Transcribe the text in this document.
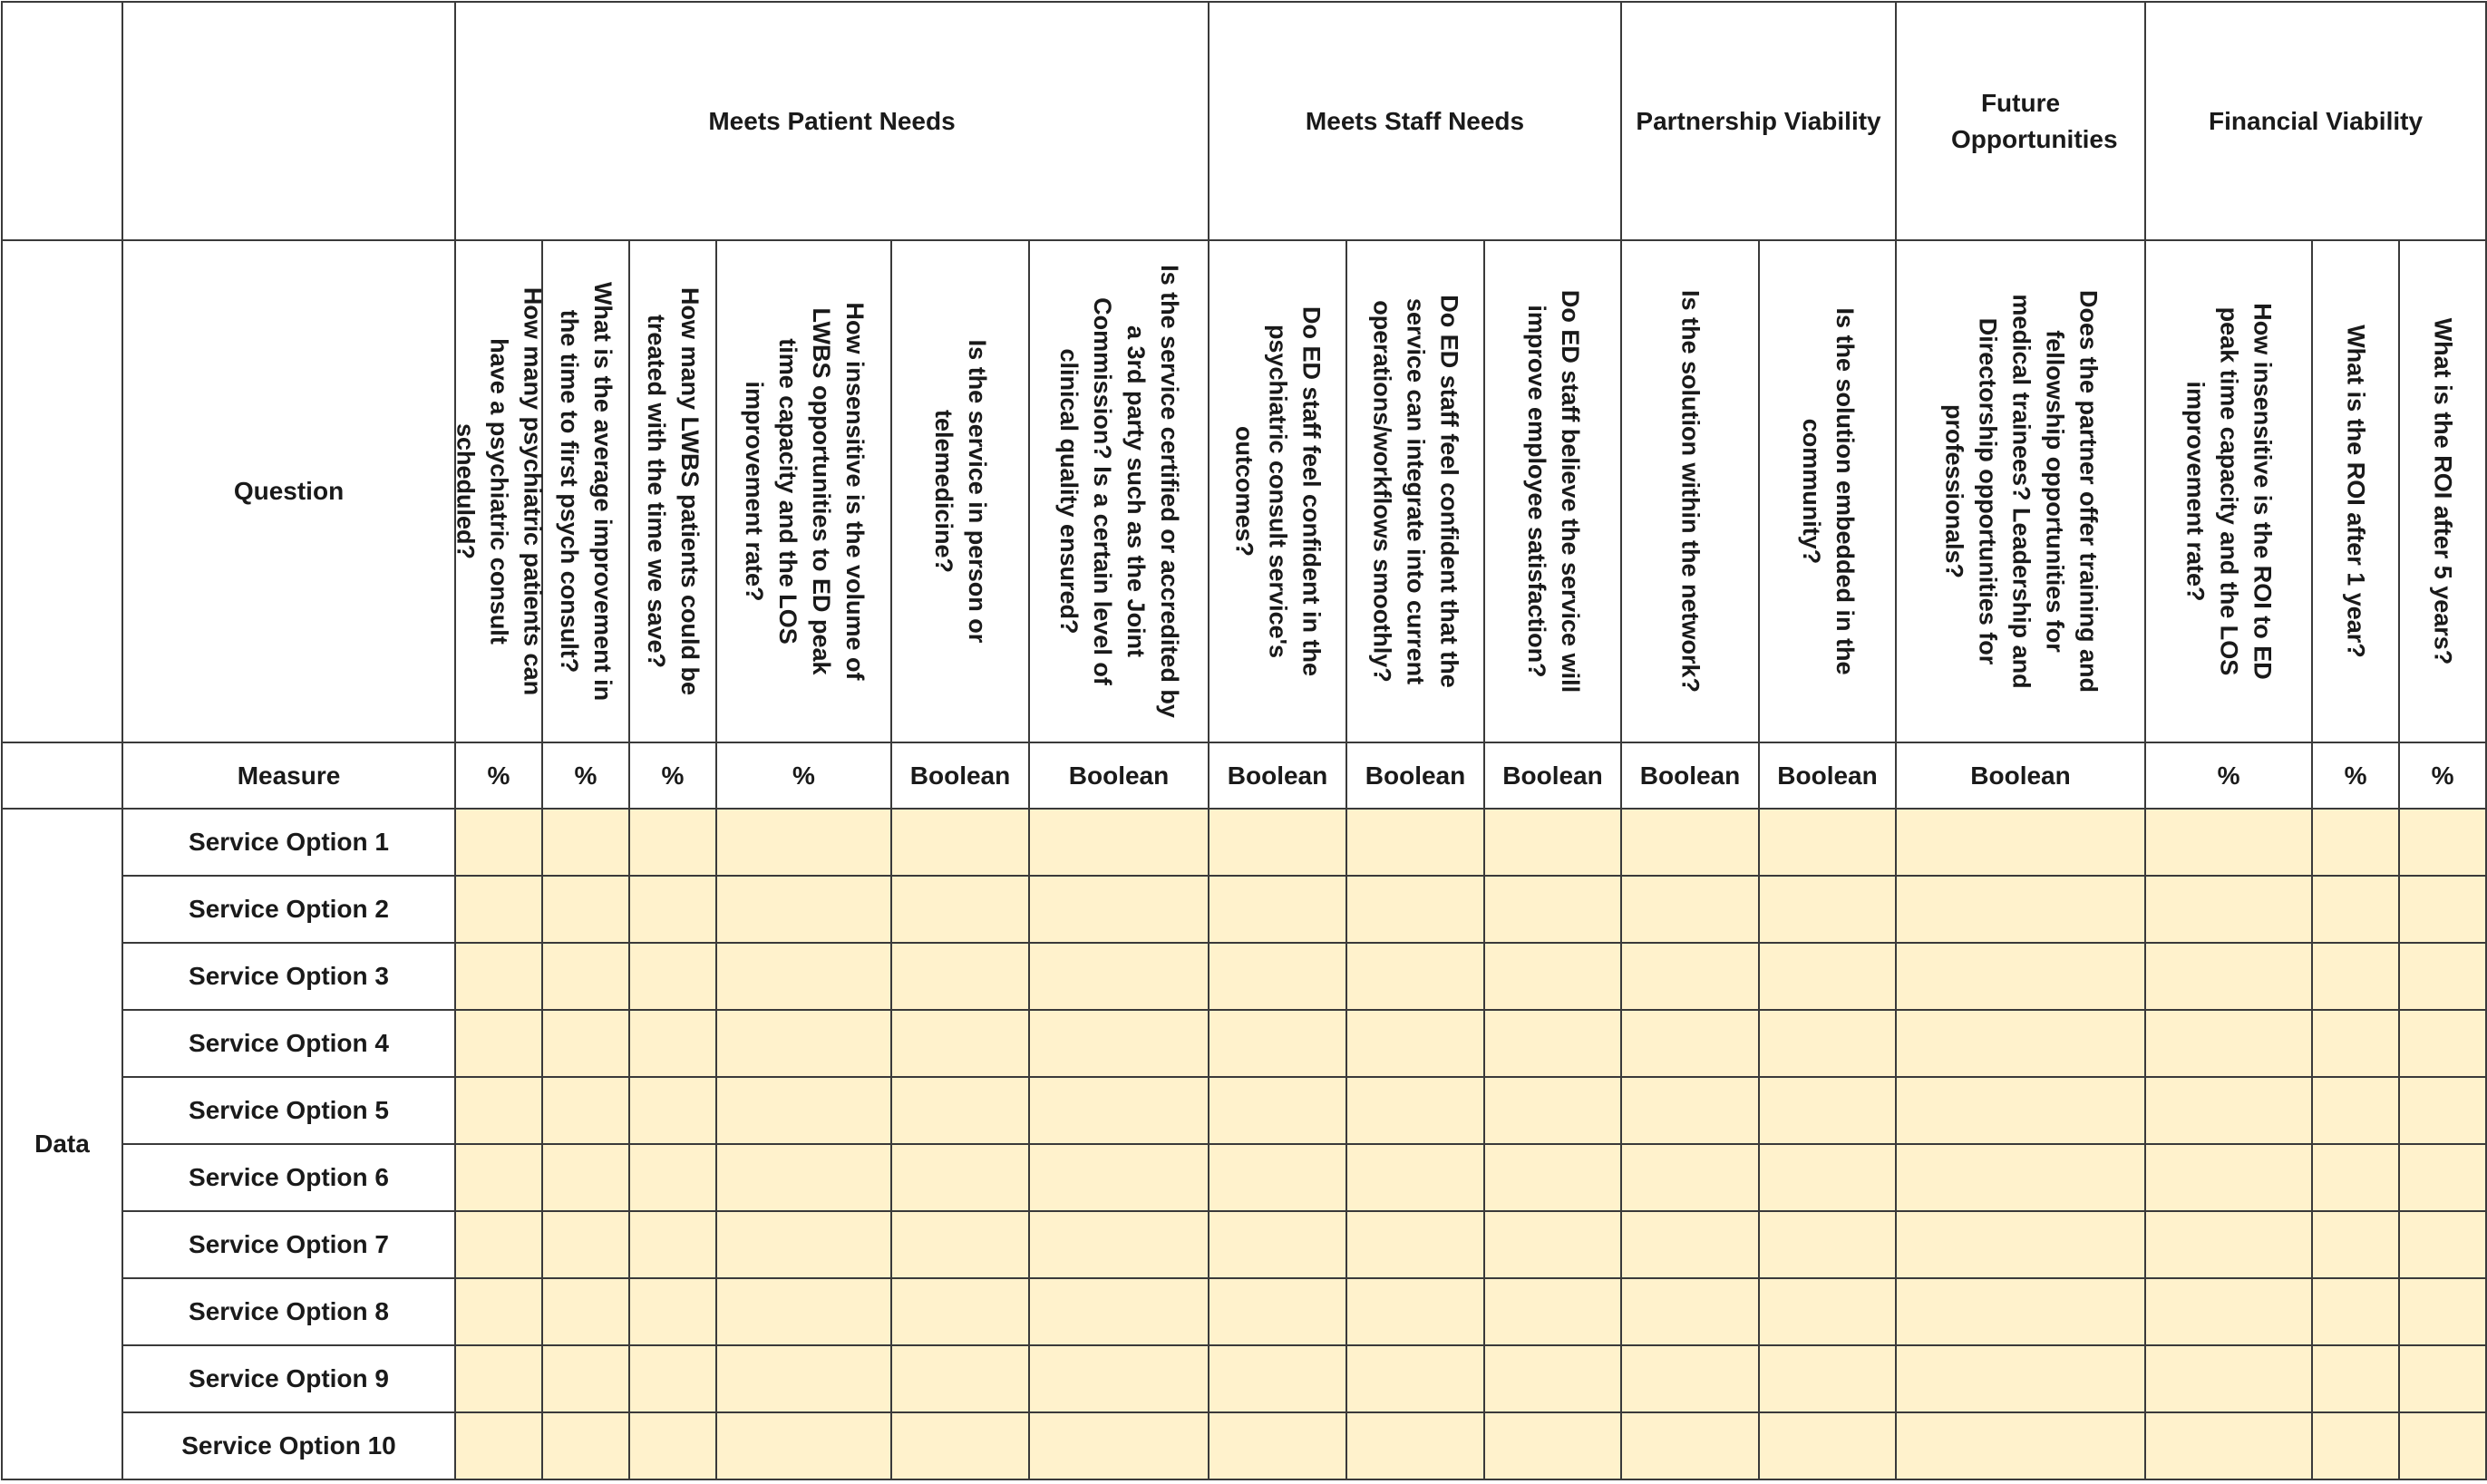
		Meets Patient Needs						Meets Staff Needs			Partnership Viability		Future Opportunities	Financial Viability		
	Question	How many psychiatric patients can have a psychiatric consult scheduled?	What is the average improvement in the time to first psych consult?	How many LWBS patients could be treated with the time we save?	How insensitive is the volume of LWBS opportunities to ED peak time capacity and the LOS improvement rate?	Is the service in person or telemedicine?	Is the service certified or accredited by a 3rd party such as the Joint Commission? Is a certain level of clinical quality ensured?	Do ED staff feel confident in the psychiatric consult service's outcomes?	Do ED staff feel confident that the service can integrate into current operations/workflows smoothly?	Do ED staff believe the service will improve employee satisfaction?	Is the solution within the network?	Is the solution embedded in the community?	Does the partner offer training and fellowship opportunities for medical trainees? Leadership and Directorship opportunities for professionals?	How insensitive is the ROI to ED peak time capacity and the LOS improvement rate?	What is the ROI after 1 year?	What is the ROI after 5 years?

	Measure	%	%	%	%	Boolean	Boolean	Boolean	Boolean	Boolean	Boolean	Boolean	Boolean	%	%	%
Data	Service Option 1															
	Service Option 2															
	Service Option 3															
	Service Option 4															
	Service Option 5															
	Service Option 6															
	Service Option 7															
	Service Option 8															
	Service Option 9															
	Service Option 10															
